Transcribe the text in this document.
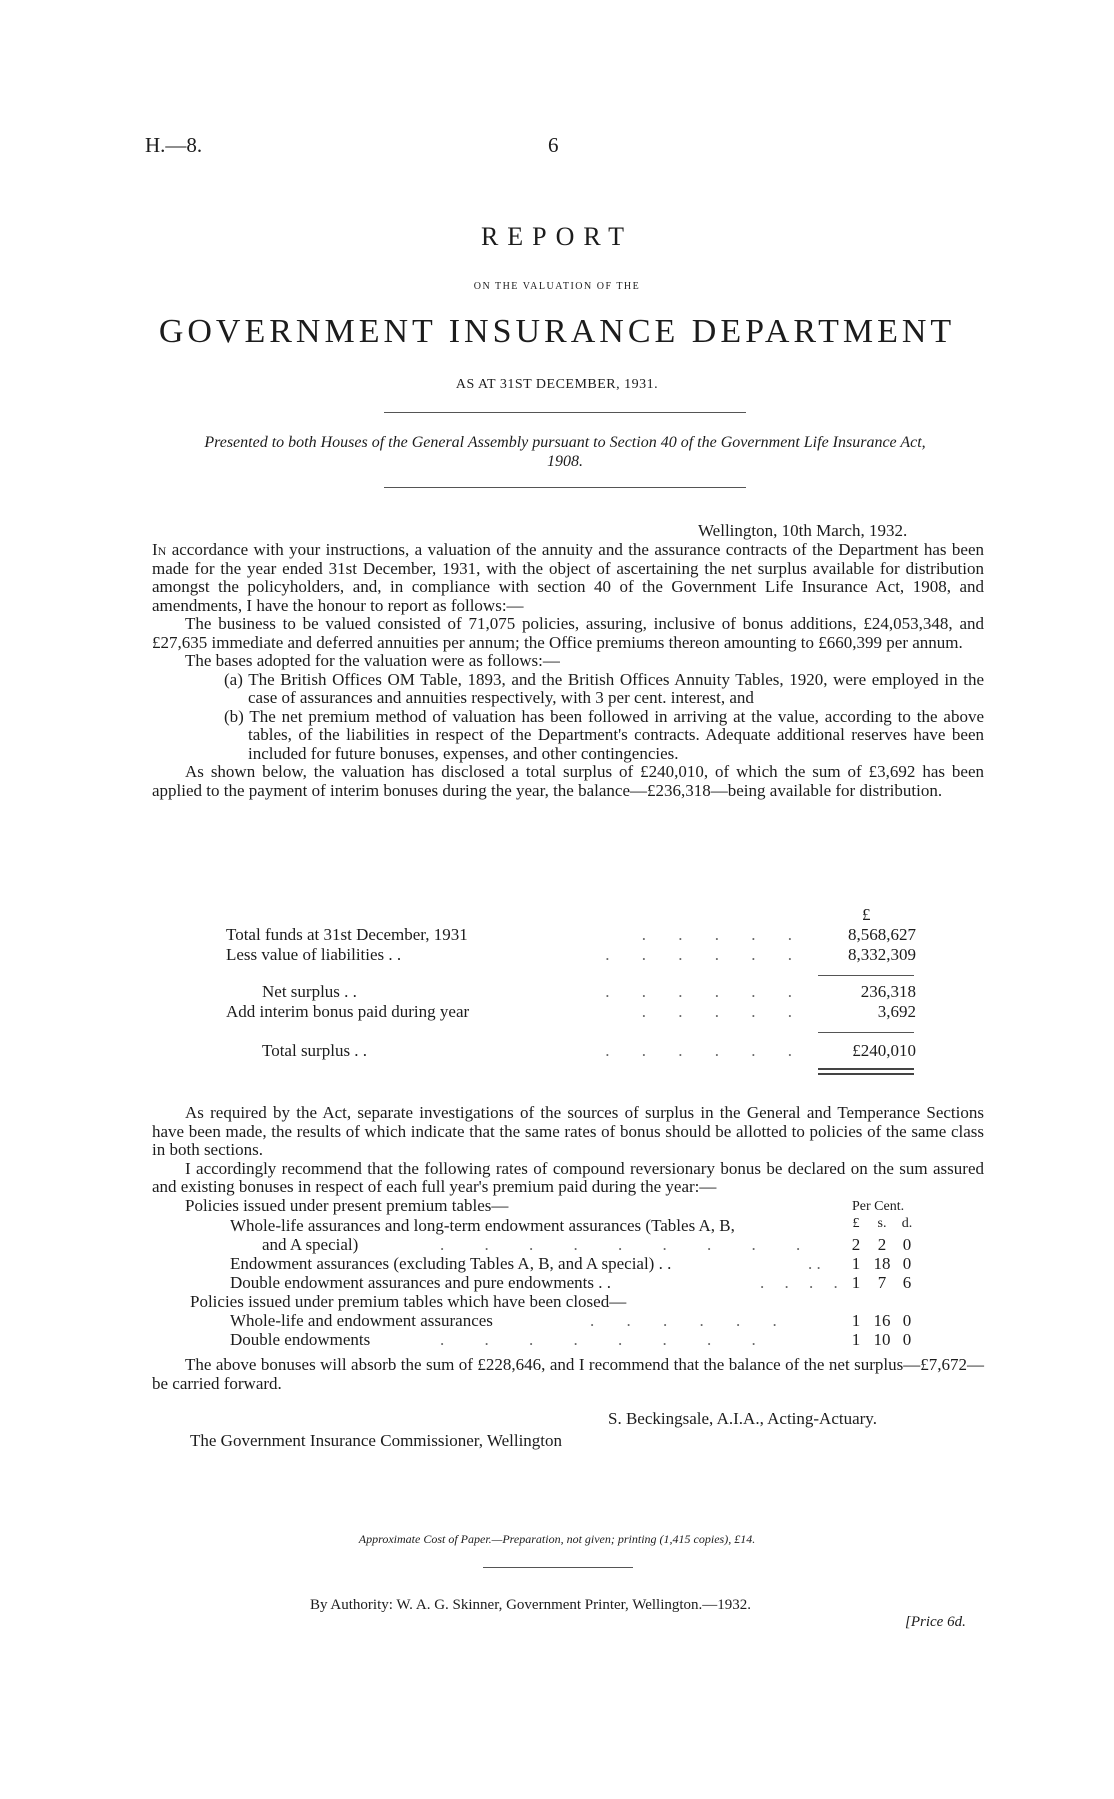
H.—8.	6
REPORT
ON THE VALUATION OF THE
GOVERNMENT INSURANCE DEPARTMENT
AS AT 31ST DECEMBER, 1931.
Presented to both Houses of the General Assembly pursuant to Section 40 of the Government Life Insurance Act, 1908.
Wellington, 10th March, 1932.

In accordance with your instructions, a valuation of the annuity and the assurance contracts of the Department has been made for the year ended 31st December, 1931, with the object of ascertaining the net surplus available for distribution amongst the policyholders, and, in compliance with section 40 of the Government Life Insurance Act, 1908, and amendments, I have the honour to report as follows:—

The business to be valued consisted of 71,075 policies, assuring, inclusive of bonus additions, £24,053,348, and £27,635 immediate and deferred annuities per annum; the Office premiums thereon amounting to £660,399 per annum.

The bases adopted for the valuation were as follows:—

(a) The British Offices OM Table, 1893, and the British Offices Annuity Tables, 1920, were employed in the case of assurances and annuities respectively, with 3 per cent. interest, and

(b) The net premium method of valuation has been followed in arriving at the value, according to the above tables, of the liabilities in respect of the Department's contracts. Adequate additional reserves have been included for future bonuses, expenses, and other contingencies.

As shown below, the valuation has disclosed a total surplus of £240,010, of which the sum of £3,692 has been applied to the payment of interim bonuses during the year, the balance—£236,318—being available for distribution.

£
Total funds at 31st December, 1931	. . . . . 8,568,627
Less value of liabilities . .	. . . . . . 8,332,309
Net surplus . .	. . . . . .	236,318
Add interim bonus paid during year	. . . . .	3,692
Total surplus . .	. . . . . .	£240,010

As required by the Act, separate investigations of the sources of surplus in the General and Temperance Sections have been made, the results of which indicate that the same rates of bonus should be allotted to policies of the same class in both sections.

I accordingly recommend that the following rates of compound reversionary bonus be declared on the sum assured and existing bonuses in respect of each full year's premium paid during the year:—

Policies issued under present premium tables—	Per Cent.
£	s.	d.
Whole-life assurances and long-term endowment assurances (Tables A, B,
and A special)	. . . . . . . . .	2	2 0
Endowment assurances (excluding Tables A, B, and A special) . .	. .	1 18 0
Double endowment assurances and pure endowments . .	. . . . 1	7 6
Policies issued under premium tables which have been closed—
Whole-life and endowment assurances	. . . . . .	1 16 0
Double endowments	. . . . . . . .	1 10 0

The above bonuses will absorb the sum of £228,646, and I recommend that the balance of the net surplus—£7,672—be carried forward.

S. Beckingsale, A.I.A., Acting-Actuary.
The Government Insurance Commissioner, Wellington
Approximate Cost of Paper.—Preparation, not given; printing (1,415 copies), £14.
By Authority: W. A. G. Skinner, Government Printer, Wellington.—1932.
[Price 6d.
